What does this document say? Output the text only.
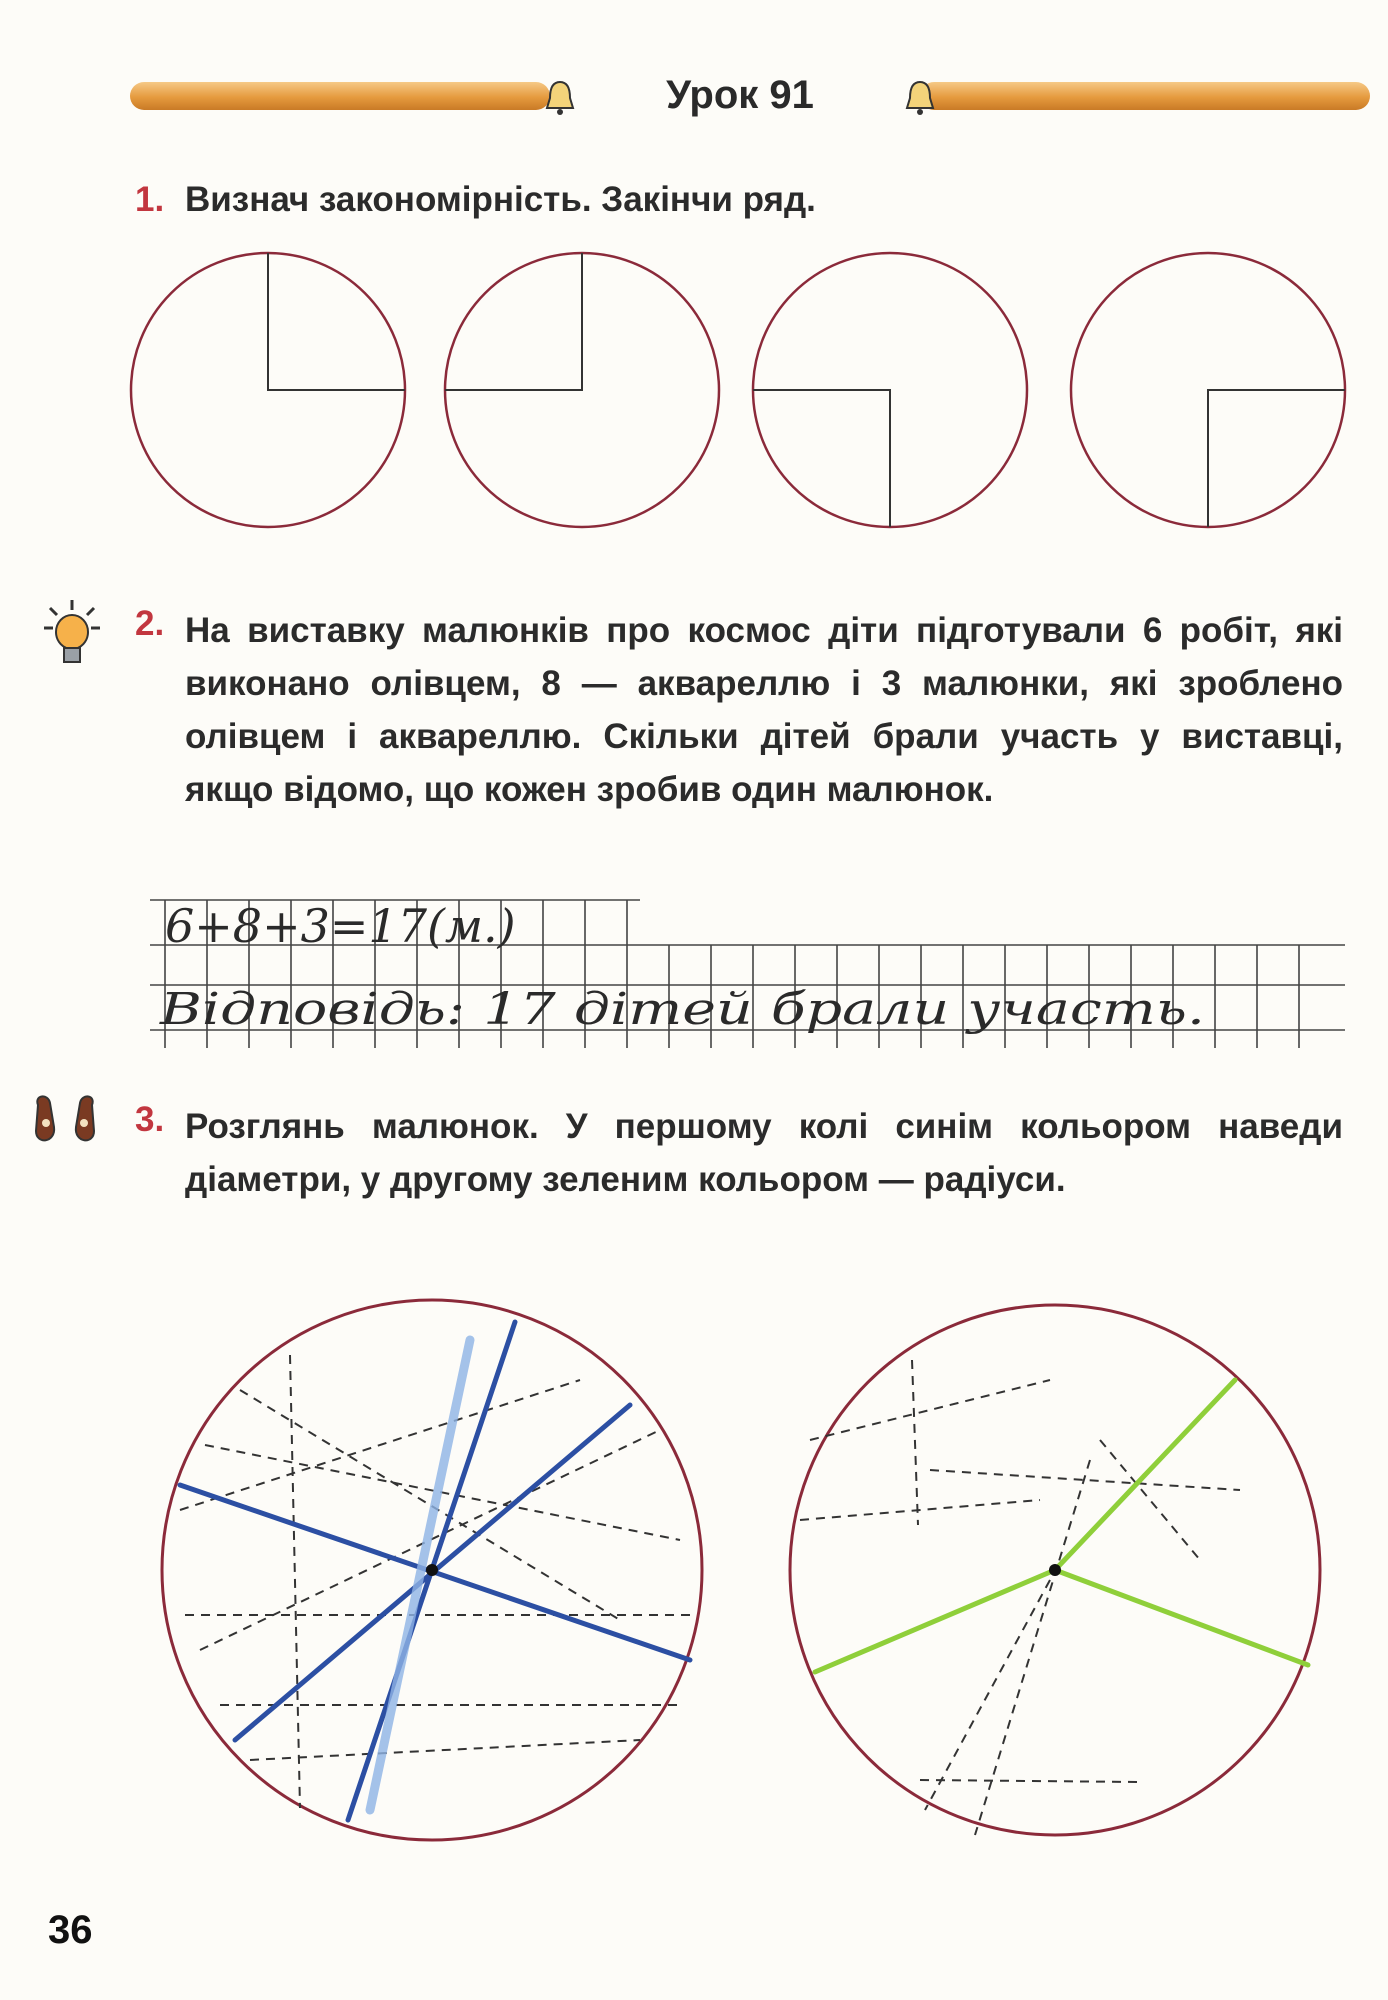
Урок 91
1. Визнач закономірність. Закінчи ряд.
2. На виставку малюнків про космос діти підготували 6 робіт, які виконано олівцем, 8 — аквареллю і 3 малюнки, які зроблено олівцем і аквареллю. Скільки дітей брали участь у виставці, якщо відомо, що кожен зробив один малюнок.
3. Розглянь малюнок. У першому колі синім кольором наведи діаметри, у другому зеленим кольором — радіуси.
6+8+3=17(м.)
Відповідь: 17 дітей брали участь.
36
